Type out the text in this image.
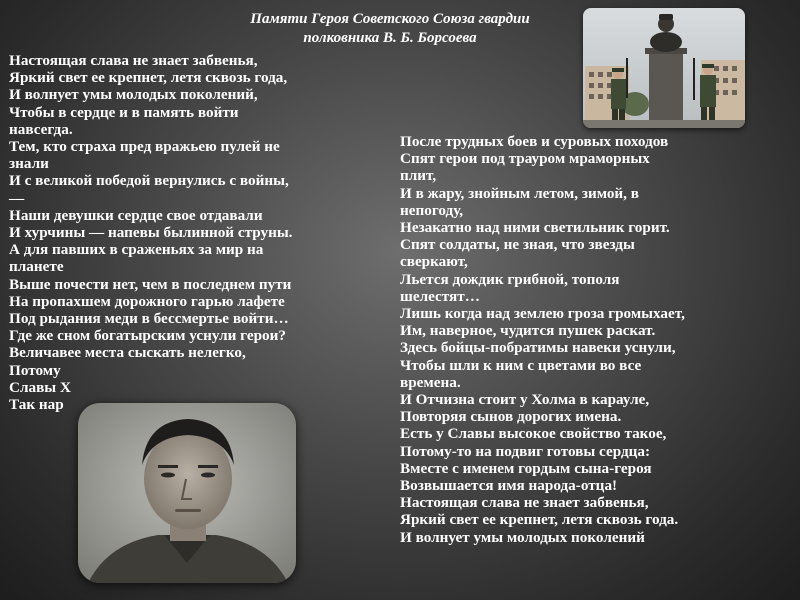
Памяти Героя Советского Союза гвардии
полковника В. Б. Борсоева
Настоящая слава не знает забвенья,
Яркий свет ее крепнет, летя сквозь года,
И волнует умы молодых поколений,
Чтобы в сердце и в память войти
навсегда.
Тем, кто страха пред вражьею пулей не
знали
И с великой победой вернулись с войны,
—
Наши девушки сердце свое отдавали
И хурчины — напевы былинной струны.
А для павших в сраженьях за мир на
планете
Выше почести нет, чем в последнем пути
На пропахшем дорожного гарью лафете
Под рыдания меди в бессмертье войти…
Где же сном богатырским уснули герои?
Величавее места сыскать нелегко,
Потому
Славы Х
Так нар
После трудных боев и суровых походов
Спят герои под трауром мраморных
плит,
И в жару, знойным летом, зимой, в
непогоду,
Незакатно над ними светильник горит.
Спят солдаты, не зная, что звезды
сверкают,
Льется дождик грибной, тополя
шелестят…
Лишь когда над землею гроза громыхает,
Им, наверное, чудится пушек раскат.
Здесь бойцы-побратимы навеки уснули,
Чтобы шли к ним с цветами во все
времена.
И Отчизна стоит у Холма в карауле,
Повторяя сынов дорогих имена.
Есть у Славы высокое свойство такое,
Потому-то на подвиг готовы сердца:
Вместе с именем гордым сына-героя
Возвышается имя народа-отца!
Настоящая слава не знает забвенья,
Яркий свет ее крепнет, летя сквозь года.
И волнует умы молодых поколений
